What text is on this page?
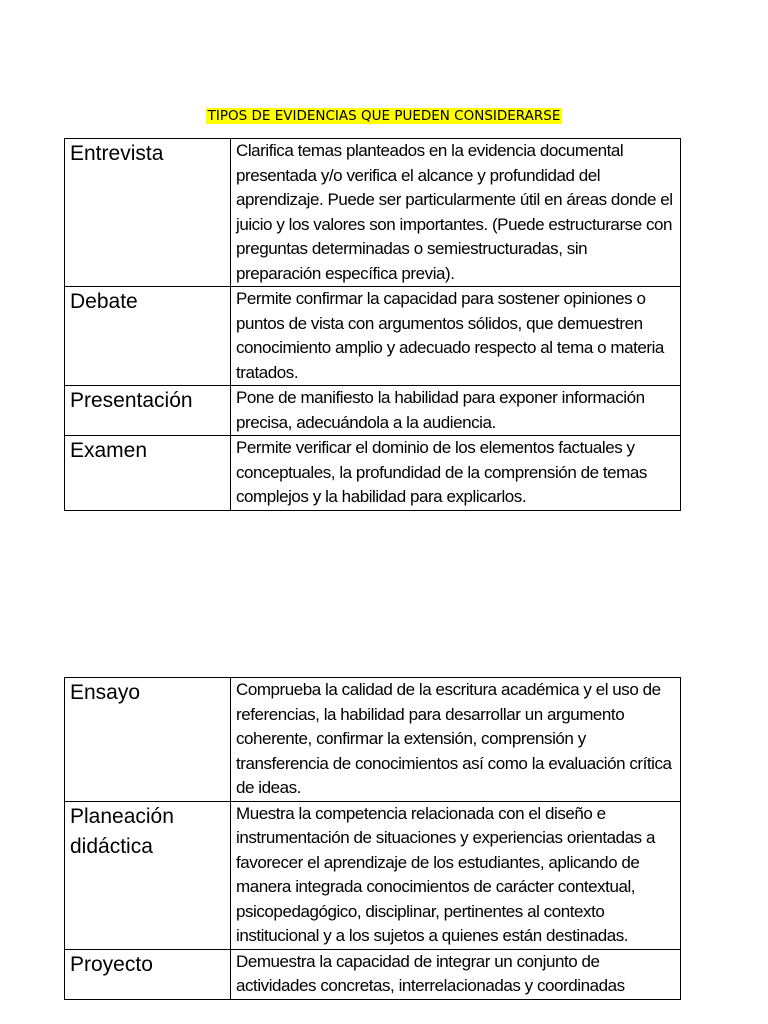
TIPOS DE EVIDENCIAS QUE PUEDEN CONSIDERARSE
Entrevista	Clarifica temas planteados en la evidencia documental presentada y/o verifica el alcance y profundidad del aprendizaje. Puede ser particularmente útil en áreas donde el juicio y los valores son importantes. (Puede estructurarse con preguntas determinadas o semiestructuradas, sin preparación específica previa).
Debate	Permite confirmar la capacidad para sostener opiniones o puntos de vista con argumentos sólidos, que demuestren conocimiento amplio y adecuado respecto al tema o materia tratados.
Presentación	Pone de manifiesto la habilidad para exponer información precisa, adecuándola a la audiencia.
Examen	Permite verificar el dominio de los elementos factuales y conceptuales, la profundidad de la comprensión de temas complejos y la habilidad para explicarlos.
Ensayo	Comprueba la calidad de la escritura académica y el uso de referencias, la habilidad para desarrollar un argumento coherente, confirmar la extensión, comprensión y transferencia de conocimientos así como la evaluación crítica de ideas.
Planeación didáctica	Muestra la competencia relacionada con el diseño e instrumentación de situaciones y experiencias orientadas a favorecer el aprendizaje de los estudiantes, aplicando de manera integrada conocimientos de carácter contextual, psicopedagógico, disciplinar, pertinentes al contexto institucional y a los sujetos a quienes están destinadas.
Proyecto	Demuestra la capacidad de integrar un conjunto de actividades concretas, interrelacionadas y coordinadas
